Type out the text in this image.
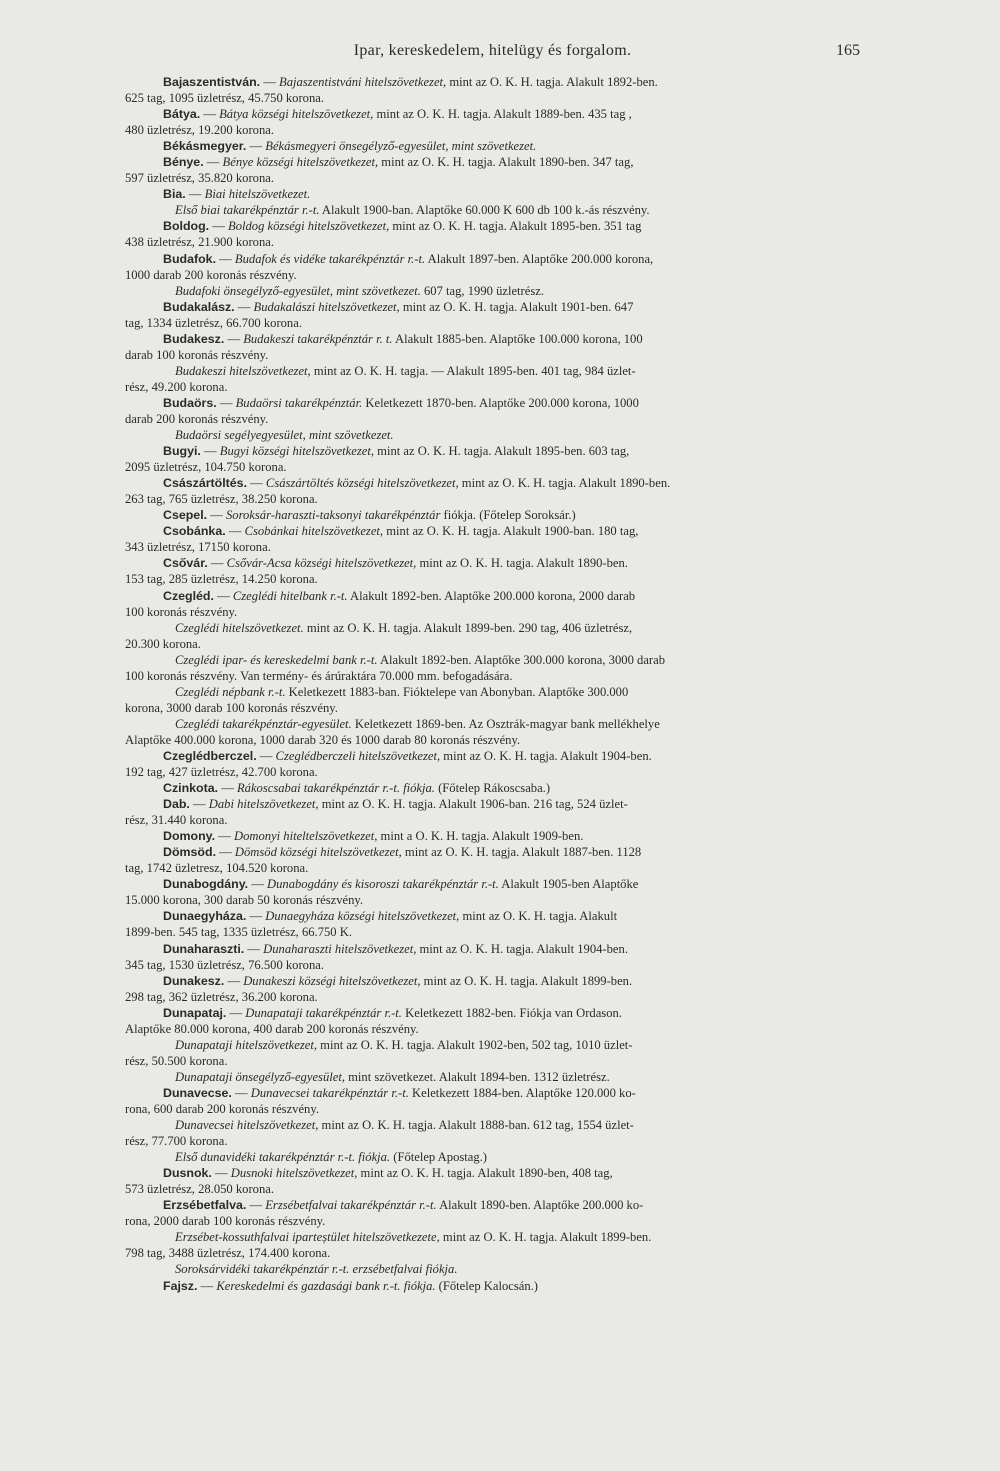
Ipar, kereskedelem, hitelügy és forgalom.	165

Bajaszentistván. — Bajaszentistváni hitelszövetkezet, mint az O. K. H. tagja. Alakult 1892-ben.
625 tag, 1095 üzletrész, 45.750 korona.

Bátya. — Bátya községi hitelszövetkezet, mint az O. K. H. tagja. Alakult 1889-ben. 435 tag ,
480 üzletrész, 19.200 korona.

Békásmegyer. — Békásmegyeri önsegélyző-egyesület, mint szövetkezet.

Bénye. — Bénye községi hitelszövetkezet, mint az O. K. H. tagja. Alakult 1890-ben. 347 tag,
597 üzletrész, 35.820 korona.

Bia. — Biai hitelszövetkezet.
Első biai takarékpénztár r.-t. Alakult 1900-ban. Alaptőke 60.000 K 600 db 100 k.-ás részvény.

Boldog. — Boldog községi hitelszövetkezet, mint az O. K. H. tagja. Alakult 1895-ben. 351 tag
438 üzletrész, 21.900 korona.

Budafok. — Budafok és vidéke takarékpénztár r.-t. Alakult 1897-ben. Alaptőke 200.000 korona,
1000 darab 200 koronás részvény.
Budafoki önsegélyző-egyesület, mint szövetkezet. 607 tag, 1990 üzletrész.

Budakalász. — Budakalászi hitelszövetkezet, mint az O. K. H. tagja. Alakult 1901-ben. 647
tag, 1334 üzletrész, 66.700 korona.

Budakesz. — Budakeszi takarékpénztár r. t. Alakult 1885-ben. Alaptőke 100.000 korona, 100
darab 100 koronás részvény.
Budakeszi hitelszövetkezet, mint az O. K. H. tagja. — Alakult 1895-ben. 401 tag, 984 üzlet-
rész, 49.200 korona.

Budaörs. — Budaörsi takarékpénztár. Keletkezett 1870-ben. Alaptőke 200.000 korona, 1000
darab 200 koronás részvény.
Budaörsi segélyegyesület, mint szövetkezet.

Bugyi. — Bugyi községi hitelszövetkezet, mint az O. K. H. tagja. Alakult 1895-ben. 603 tag,
2095 üzletrész, 104.750 korona.

Császártöltés. — Császártöltés községi hitelszövetkezet, mint az O. K. H. tagja. Alakult 1890-ben.
263 tag, 765 üzletrész, 38.250 korona.

Csepel. — Soroksár-haraszti-taksonyi takarékpénztár fiókja. (Főtelep Soroksár.)

Csobánka. — Csobánkai hitelszövetkezet, mint az O. K. H. tagja. Alakult 1900-ban. 180 tag,
343 üzletrész, 17150 korona.

Csővár. — Csővár-Acsa községi hitelszövetkezet, mint az O. K. H. tagja. Alakult 1890-ben.
153 tag, 285 üzletrész, 14.250 korona.

Czegléd. — Czeglédi hitelbank r.-t. Alakult 1892-ben. Alaptőke 200.000 korona, 2000 darab
100 koronás részvény.
Czeglédi hitelszövetkezet. mint az O. K. H. tagja. Alakult 1899-ben. 290 tag, 406 üzletrész,
20.300 korona.
Czeglédi ipar- és kereskedelmi bank r.-t. Alakult 1892-ben. Alaptőke 300.000 korona, 3000 darab
100 koronás részvény. Van termény- és árúraktára 70.000 mm. befogadására.
Czeglédi népbank r.-t. Keletkezett 1883-ban. Fióktelepe van Abonyban. Alaptőke 300.000
korona, 3000 darab 100 koronás részvény.
Czeglédi takarékpénztár-egyesület. Keletkezett 1869-ben. Az Osztrák-magyar bank mellékhelye
Alaptőke 400.000 korona, 1000 darab 320 és 1000 darab 80 koronás részvény.

Czeglédberczel. — Czeglédberczeli hitelszövetkezet, mint az O. K. H. tagja. Alakult 1904-ben.
192 tag, 427 üzletrész, 42.700 korona.

Czinkota. — Rákoscsabai takarékpénztár r.-t. fiókja. (Főtelep Rákoscsaba.)

Dab. — Dabi hitelszövetkezet, mint az O. K. H. tagja. Alakult 1906-ban. 216 tag, 524 üzlet-
rész, 31.440 korona.

Domony. — Domonyi hiteltelszövetkezet, mint a O. K. H. tagja. Alakult 1909-ben.

Dömsöd. — Dömsöd községi hitelszövetkezet, mint az O. K. H. tagja. Alakult 1887-ben. 1128
tag, 1742 üzletresz, 104.520 korona.

Dunabogdány. — Dunabogdány és kisoroszi takarékpénztár r.-t. Alakult 1905-ben Alaptőke
15.000 korona, 300 darab 50 koronás részvény.

Dunaegyháza. — Dunaegyháza községi hitelszövetkezet, mint az O. K. H. tagja. Alakult
1899-ben. 545 tag, 1335 üzletrész, 66.750 K.

Dunaharaszti. — Dunaharaszti hitelszövetkezet, mint az O. K. H. tagja. Alakult 1904-ben.
345 tag, 1530 üzletrész, 76.500 korona.

Dunakesz. — Dunakeszi községi hitelszövetkezet, mint az O. K. H. tagja. Alakult 1899-ben.
298 tag, 362 üzletrész, 36.200 korona.

Dunapataj. — Dunapataji takarékpénztár r.-t. Keletkezett 1882-ben. Fiókja van Ordason.
Alaptőke 80.000 korona, 400 darab 200 koronás részvény.
Dunapataji hitelszövetkezet, mint az O. K. H. tagja. Alakult 1902-ben, 502 tag, 1010 üzlet-
rész, 50.500 korona.
Dunapataji önsegélyző-egyesület, mint szövetkezet. Alakult 1894-ben. 1312 üzletrész.

Dunavecse. — Dunavecsei takarékpénztár r.-t. Keletkezett 1884-ben. Alaptőke 120.000 ko-
rona, 600 darab 200 koronás részvény.
Dunavecsei hitelszövetkezet, mint az O. K. H. tagja. Alakult 1888-ban. 612 tag, 1554 üzlet-
rész, 77.700 korona.
Első dunavidéki takarékpénztár r.-t. fiókja. (Főtelep Apostag.)

Dusnok. — Dusnoki hitelszövetkezet, mint az O. K. H. tagja. Alakult 1890-ben, 408 tag,
573 üzletrész, 28.050 korona.

Erzsébetfalva. — Erzsébetfalvai takarékpénztár r.-t. Alakult 1890-ben. Alaptőke 200.000 ko-
rona, 2000 darab 100 koronás részvény.
Erzsébet-kossuthfalvai iparteștület hitelszövetkezete, mint az O. K. H. tagja. Alakult 1899-ben.
798 tag, 3488 üzletrész, 174.400 korona.
Soroksárvidéki takarékpénztár r.-t. erzsébetfalvai fiókja.

Fajsz. — Kereskedelmi és gazdasági bank r.-t. fiókja. (Főtelep Kalocsán.)
